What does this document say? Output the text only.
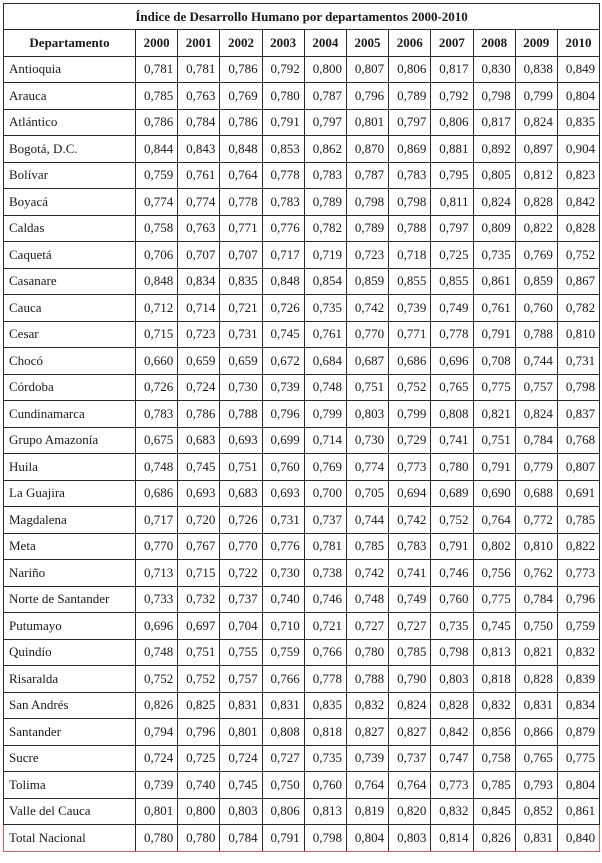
Índice de Desarrollo Humano por departamentos 2000-2010											
Departamento	2000	2001	2002	2003	2004	2005	2006	2007	2008	2009	2010
Antioquia	0,781	0,781	0,786	0,792	0,800	0,807	0,806	0,817	0,830	0,838	0,849
Arauca	0,785	0,763	0,769	0,780	0,787	0,796	0,789	0,792	0,798	0,799	0,804
Atlántico	0,786	0,784	0,786	0,791	0,797	0,801	0,797	0,806	0,817	0,824	0,835
Bogotá, D.C.	0,844	0,843	0,848	0,853	0,862	0,870	0,869	0,881	0,892	0,897	0,904
Bolívar	0,759	0,761	0,764	0,778	0,783	0,787	0,783	0,795	0,805	0,812	0,823
Boyacá	0,774	0,774	0,778	0,783	0,789	0,798	0,798	0,811	0,824	0,828	0,842
Caldas	0,758	0,763	0,771	0,776	0,782	0,789	0,788	0,797	0,809	0,822	0,828
Caquetá	0,706	0,707	0,707	0,717	0,719	0,723	0,718	0,725	0,735	0,769	0,752
Casanare	0,848	0,834	0,835	0,848	0,854	0,859	0,855	0,855	0,861	0,859	0,867
Cauca	0,712	0,714	0,721	0,726	0,735	0,742	0,739	0,749	0,761	0,760	0,782
Cesar	0,715	0,723	0,731	0,745	0,761	0,770	0,771	0,778	0,791	0,788	0,810
Chocó	0,660	0,659	0,659	0,672	0,684	0,687	0,686	0,696	0,708	0,744	0,731
Córdoba	0,726	0,724	0,730	0,739	0,748	0,751	0,752	0,765	0,775	0,757	0,798
Cundinamarca	0,783	0,786	0,788	0,796	0,799	0,803	0,799	0,808	0,821	0,824	0,837
Grupo Amazonía	0,675	0,683	0,693	0,699	0,714	0,730	0,729	0,741	0,751	0,784	0,768
Huila	0,748	0,745	0,751	0,760	0,769	0,774	0,773	0,780	0,791	0,779	0,807
La Guajira	0,686	0,693	0,683	0,693	0,700	0,705	0,694	0,689	0,690	0,688	0,691
Magdalena	0,717	0,720	0,726	0,731	0,737	0,744	0,742	0,752	0,764	0,772	0,785
Meta	0,770	0,767	0,770	0,776	0,781	0,785	0,783	0,791	0,802	0,810	0,822
Nariño	0,713	0,715	0,722	0,730	0,738	0,742	0,741	0,746	0,756	0,762	0,773
Norte de Santander	0,733	0,732	0,737	0,740	0,746	0,748	0,749	0,760	0,775	0,784	0,796
Putumayo	0,696	0,697	0,704	0,710	0,721	0,727	0,727	0,735	0,745	0,750	0,759
Quindío	0,748	0,751	0,755	0,759	0,766	0,780	0,785	0,798	0,813	0,821	0,832
Risaralda	0,752	0,752	0,757	0,766	0,778	0,788	0,790	0,803	0,818	0,828	0,839
San Andrés	0,826	0,825	0,831	0,831	0,835	0,832	0,824	0,828	0,832	0,831	0,834
Santander	0,794	0,796	0,801	0,808	0,818	0,827	0,827	0,842	0,856	0,866	0,879
Sucre	0,724	0,725	0,724	0,727	0,735	0,739	0,737	0,747	0,758	0,765	0,775
Tolima	0,739	0,740	0,745	0,750	0,760	0,764	0,764	0,773	0,785	0,793	0,804
Valle del Cauca	0,801	0,800	0,803	0,806	0,813	0,819	0,820	0,832	0,845	0,852	0,861
Total Nacional	0,780	0,780	0,784	0,791	0,798	0,804	0,803	0,814	0,826	0,831	0,840
